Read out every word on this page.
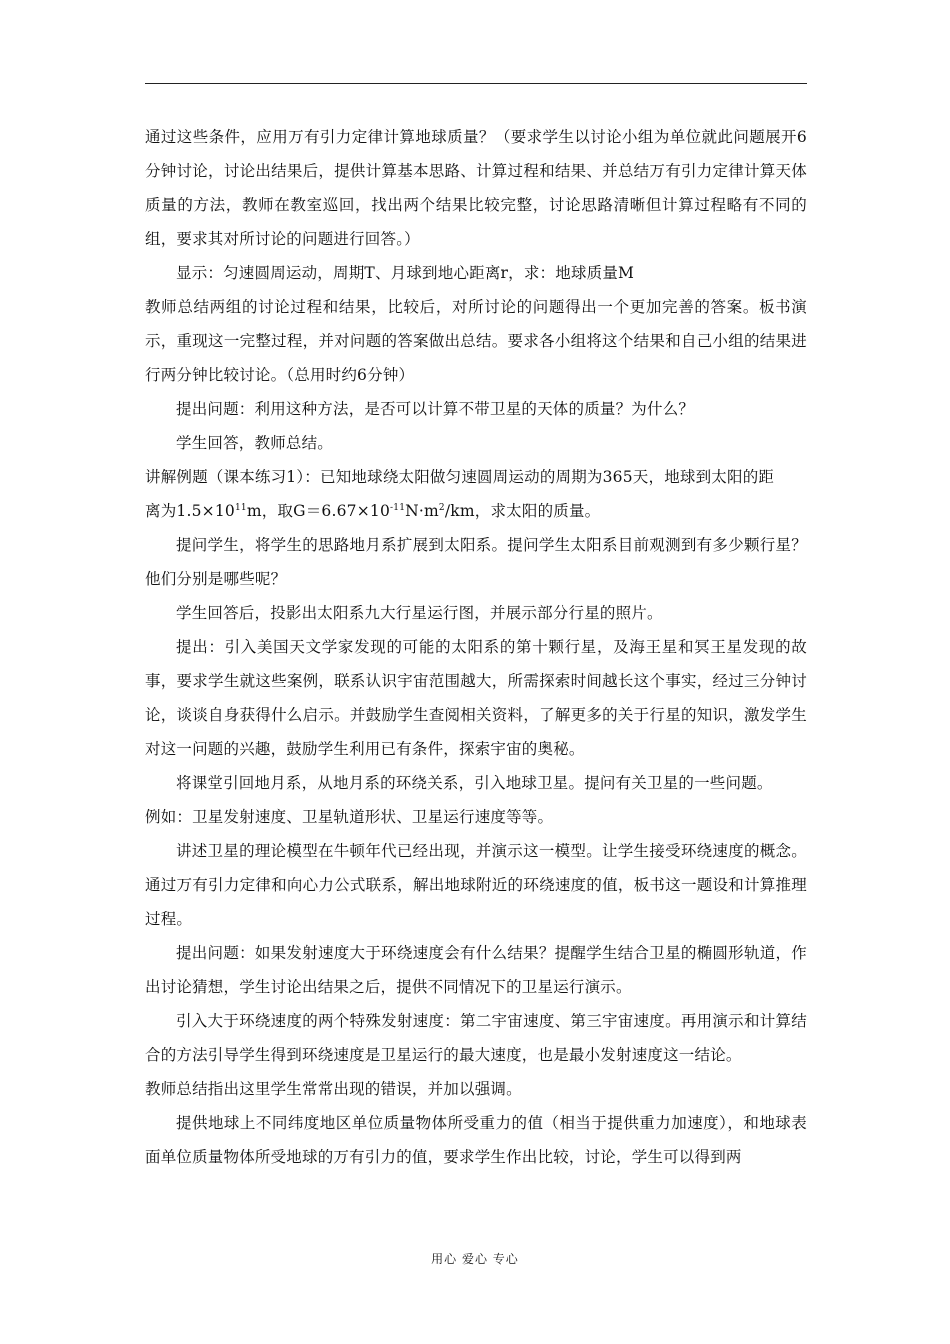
通过这些条件，应用万有引力定律计算地球质量？（要求学生以讨论小组为单位就此问题展开6分钟讨论，讨论出结果后，提供计算基本思路、计算过程和结果、并总结万有引力定律计算天体质量的方法，教师在教室巡回，找出两个结果比较完整，讨论思路清晰但计算过程略有不同的组，要求其对所讨论的问题进行回答。）

显示：匀速圆周运动，周期T、月球到地心距离r，求：地球质量M

教师总结两组的讨论过程和结果，比较后，对所讨论的问题得出一个更加完善的答案。板书演示，重现这一完整过程，并对问题的答案做出总结。要求各小组将这个结果和自己小组的结果进行两分钟比较讨论。（总用时约6分钟）

提出问题：利用这种方法，是否可以计算不带卫星的天体的质量？为什么？

学生回答，教师总结。

讲解例题（课本练习1）：已知地球绕太阳做匀速圆周运动的周期为365天，地球到太阳的距

离为$1.5\times 10^{11}m$，取$G=6.67\times 10^{-11}N\cdot m^2/km$，求太阳的质量。

提问学生，将学生的思路地月系扩展到太阳系。提问学生太阳系目前观测到有多少颗行星？他们分别是哪些呢？

学生回答后，投影出太阳系九大行星运行图，并展示部分行星的照片。

提出：引入美国天文学家发现的可能的太阳系的第十颗行星，及海王星和冥王星发现的故事，要求学生就这些案例，联系认识宇宙范围越大，所需探索时间越长这个事实，经过三分钟讨论，谈谈自身获得什么启示。并鼓励学生查阅相关资料，了解更多的关于行星的知识，激发学生对这一问题的兴趣，鼓励学生利用已有条件，探索宇宙的奥秘。

将课堂引回地月系，从地月系的环绕关系，引入地球卫星。提问有关卫星的一些问题。

例如：卫星发射速度、卫星轨道形状、卫星运行速度等等。

讲述卫星的理论模型在牛顿年代已经出现，并演示这一模型。让学生接受环绕速度的概念。通过万有引力定律和向心力公式联系，解出地球附近的环绕速度的值，板书这一题设和计算推理过程。

提出问题：如果发射速度大于环绕速度会有什么结果？提醒学生结合卫星的椭圆形轨道，作出讨论猜想，学生讨论出结果之后，提供不同情况下的卫星运行演示。

引入大于环绕速度的两个特殊发射速度：第二宇宙速度、第三宇宙速度。再用演示和计算结合的方法引导学生得到环绕速度是卫星运行的最大速度，也是最小发射速度这一结论。

教师总结指出这里学生常常出现的错误，并加以强调。

提供地球上不同纬度地区单位质量物体所受重力的值（相当于提供重力加速度），和地球表面单位质量物体所受地球的万有引力的值，要求学生作出比较，讨论，学生可以得到两

用心 爱心 专心
